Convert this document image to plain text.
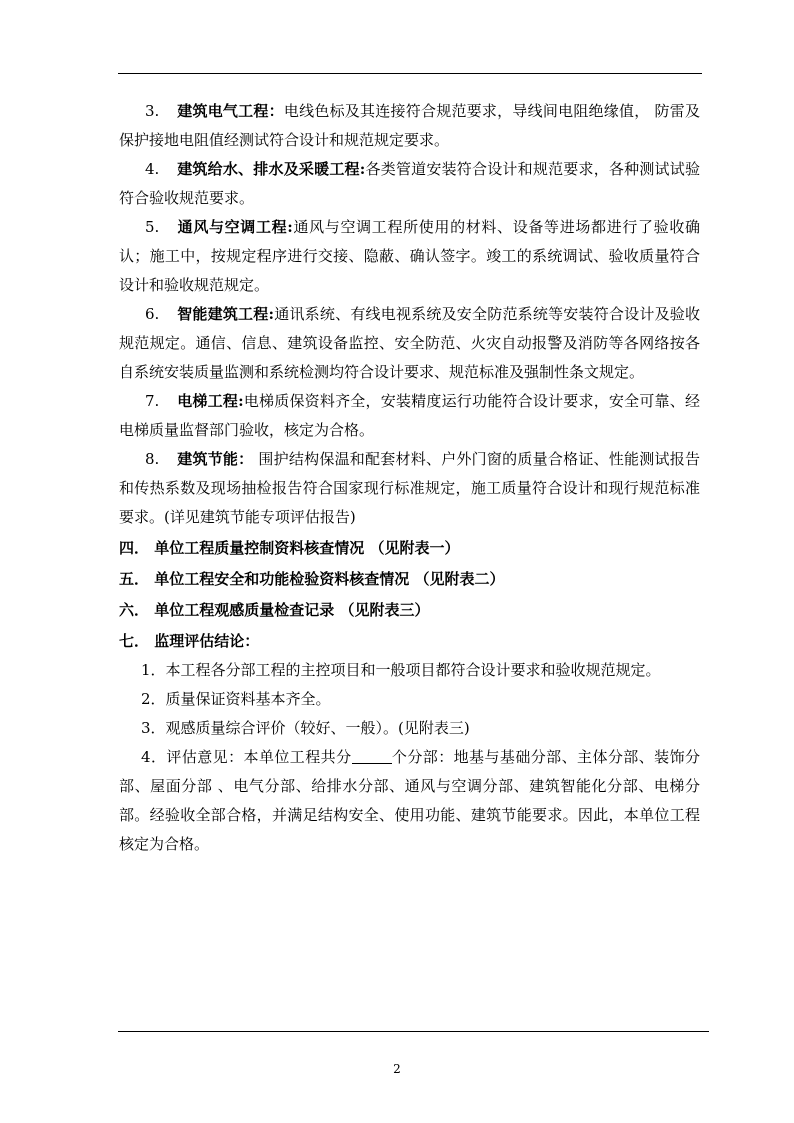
3. 建筑电气工程：电线色标及其连接符合规范要求，导线间电阻绝缘值， 防雷及保护接地电阻值经测试符合设计和规范规定要求。

4. 建筑给水、排水及采暖工程:各类管道安装符合设计和规范要求，各种测试试验符合验收规范要求。

5. 通风与空调工程:通风与空调工程所使用的材料、设备等进场都进行了验收确认；施工中，按规定程序进行交接、隐蔽、确认签字。竣工的系统调试、验收质量符合设计和验收规范规定。

6. 智能建筑工程:通讯系统、有线电视系统及安全防范系统等安装符合设计及验收规范规定。通信、信息、建筑设备监控、安全防范、火灾自动报警及消防等各网络按各自系统安装质量监测和系统检测均符合设计要求、规范标准及强制性条文规定。

7. 电梯工程:电梯质保资料齐全，安装精度运行功能符合设计要求，安全可靠、经电梯质量监督部门验收，核定为合格。

8. 建筑节能： 围护结构保温和配套材料、户外门窗的质量合格证、性能测试报告和传热系数及现场抽检报告符合国家现行标准规定，施工质量符合设计和现行规范标准要求。(详见建筑节能专项评估报告)

四． 单位工程质量控制资料核查情况 （见附表一）

五． 单位工程安全和功能检验资料核查情况 （见附表二）

六． 单位工程观感质量检查记录 （见附表三）

七． 监理评估结论：

1．本工程各分部工程的主控项目和一般项目都符合设计要求和验收规范规定。

2．质量保证资料基本齐全。

3．观感质量综合评价（较好、一般）。(见附表三)

4．评估意见：本单位工程共分	个分部：地基与基础分部、主体分部、装饰分部、屋面分部 、电气分部、给排水分部、通风与空调分部、建筑智能化分部、电梯分部。经验收全部合格，并满足结构安全、使用功能、建筑节能要求。因此，本单位工程核定为合格。

2
